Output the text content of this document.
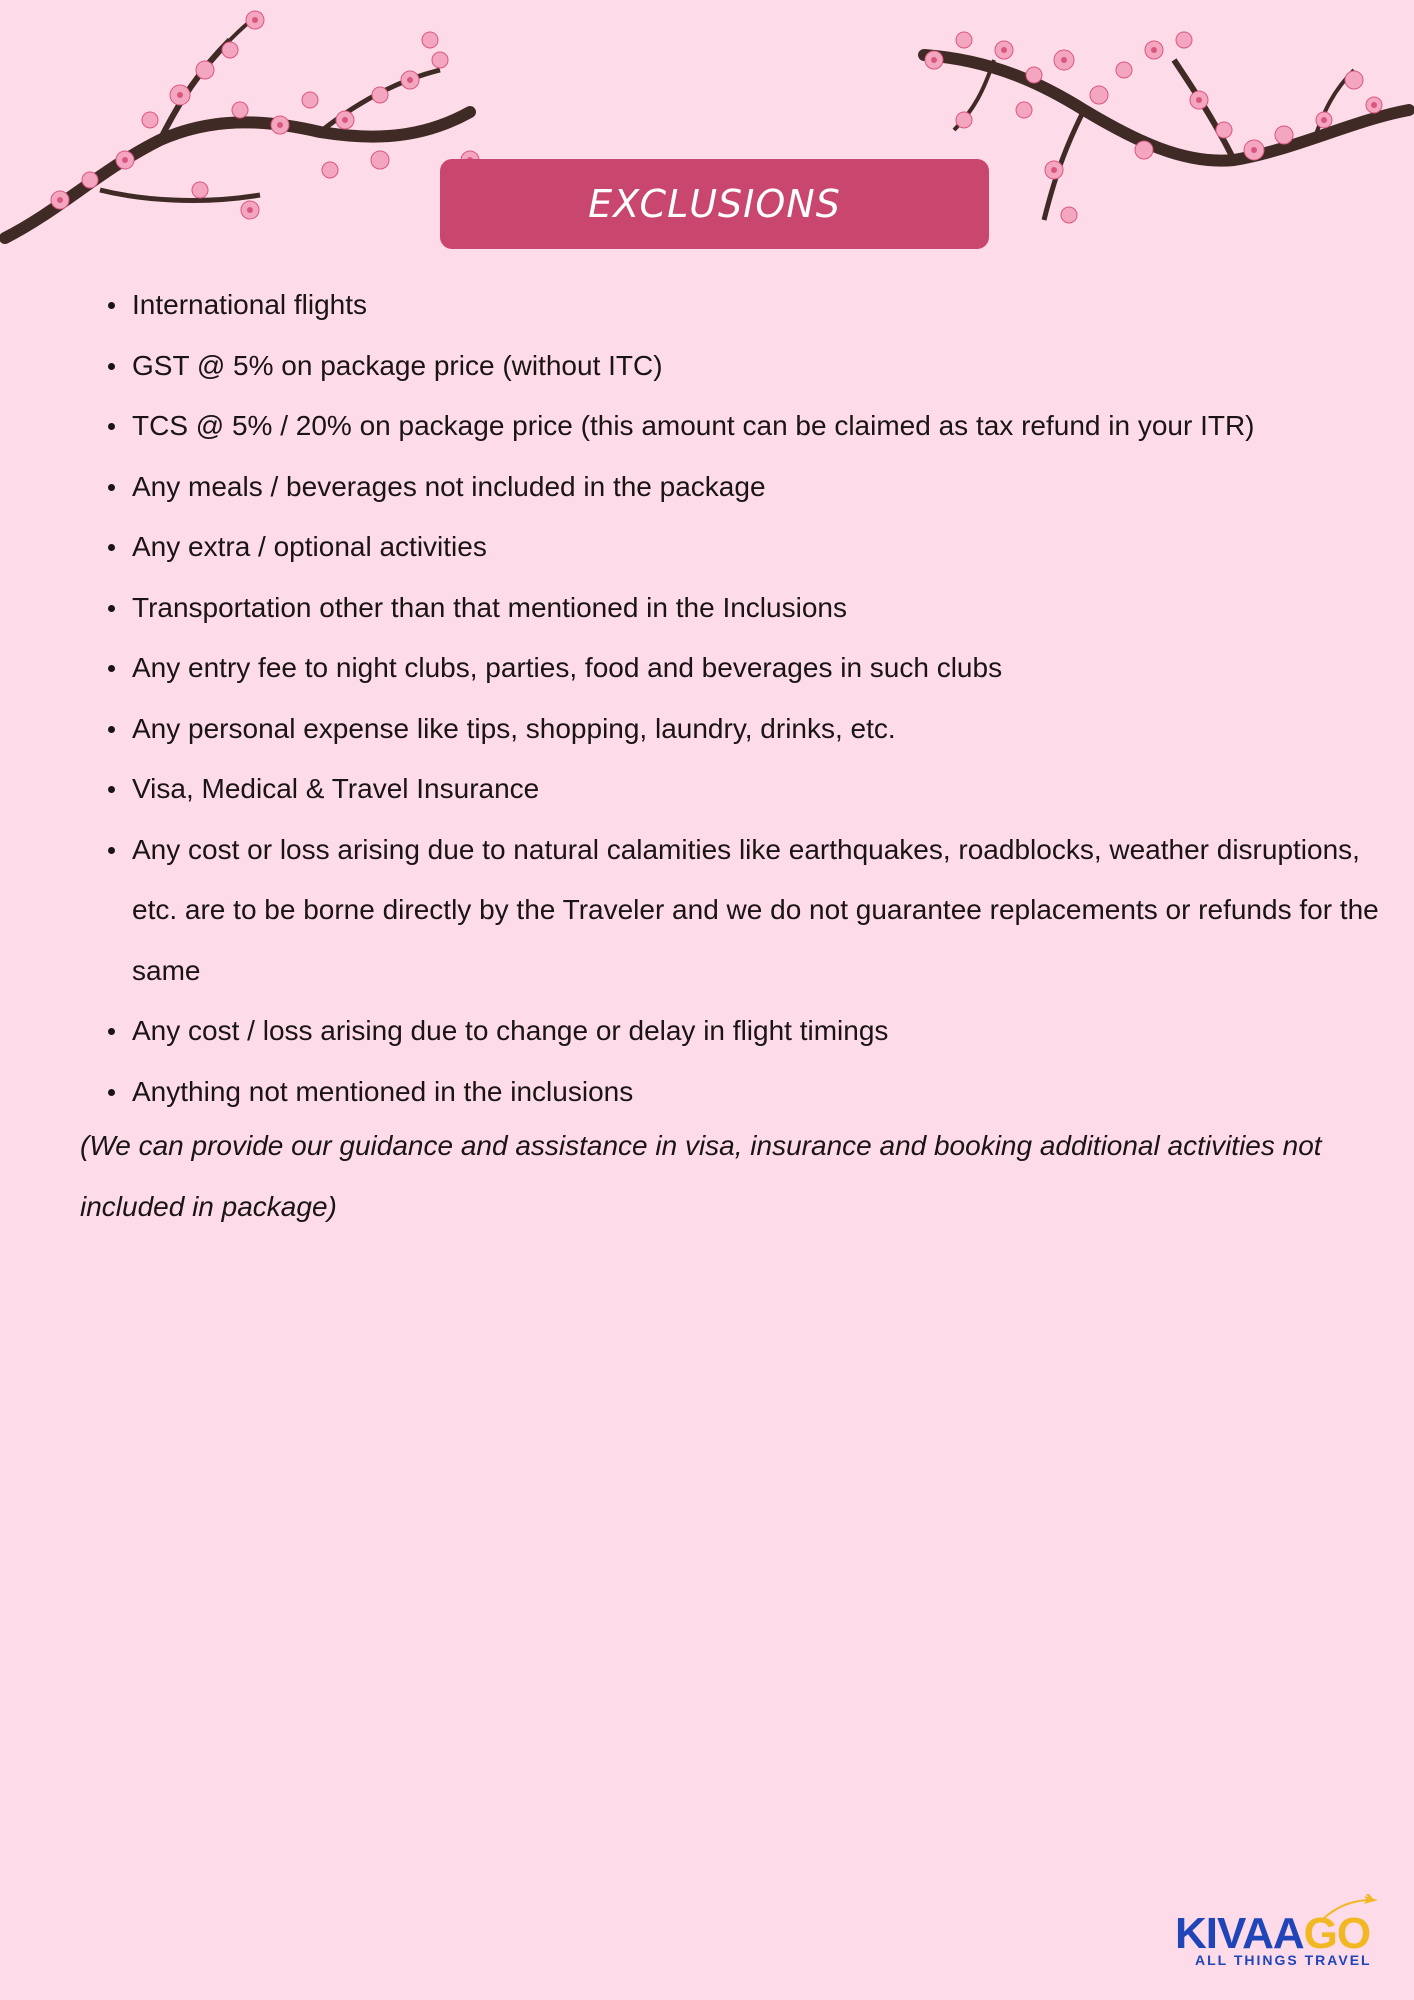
EXCLUSIONS
International flights
GST @ 5% on package price (without ITC)
TCS @ 5% / 20% on package price (this amount can be claimed as tax refund in your ITR)
Any meals / beverages not included in the package
Any extra / optional activities
Transportation other than that mentioned in the Inclusions
Any entry fee to night clubs, parties, food and beverages in such clubs
Any personal expense like tips, shopping, laundry, drinks, etc.
Visa, Medical & Travel Insurance
Any cost or loss arising due to natural calamities like earthquakes, roadblocks, weather disruptions, etc. are to be borne directly by the Traveler and we do not guarantee replacements or refunds for the same
Any cost / loss arising due to change or delay in flight timings
Anything not mentioned in the inclusions

(We can provide our guidance and assistance in visa, insurance and booking additional activities not included in package)

KIVAAGO
ALL THINGS TRAVEL
